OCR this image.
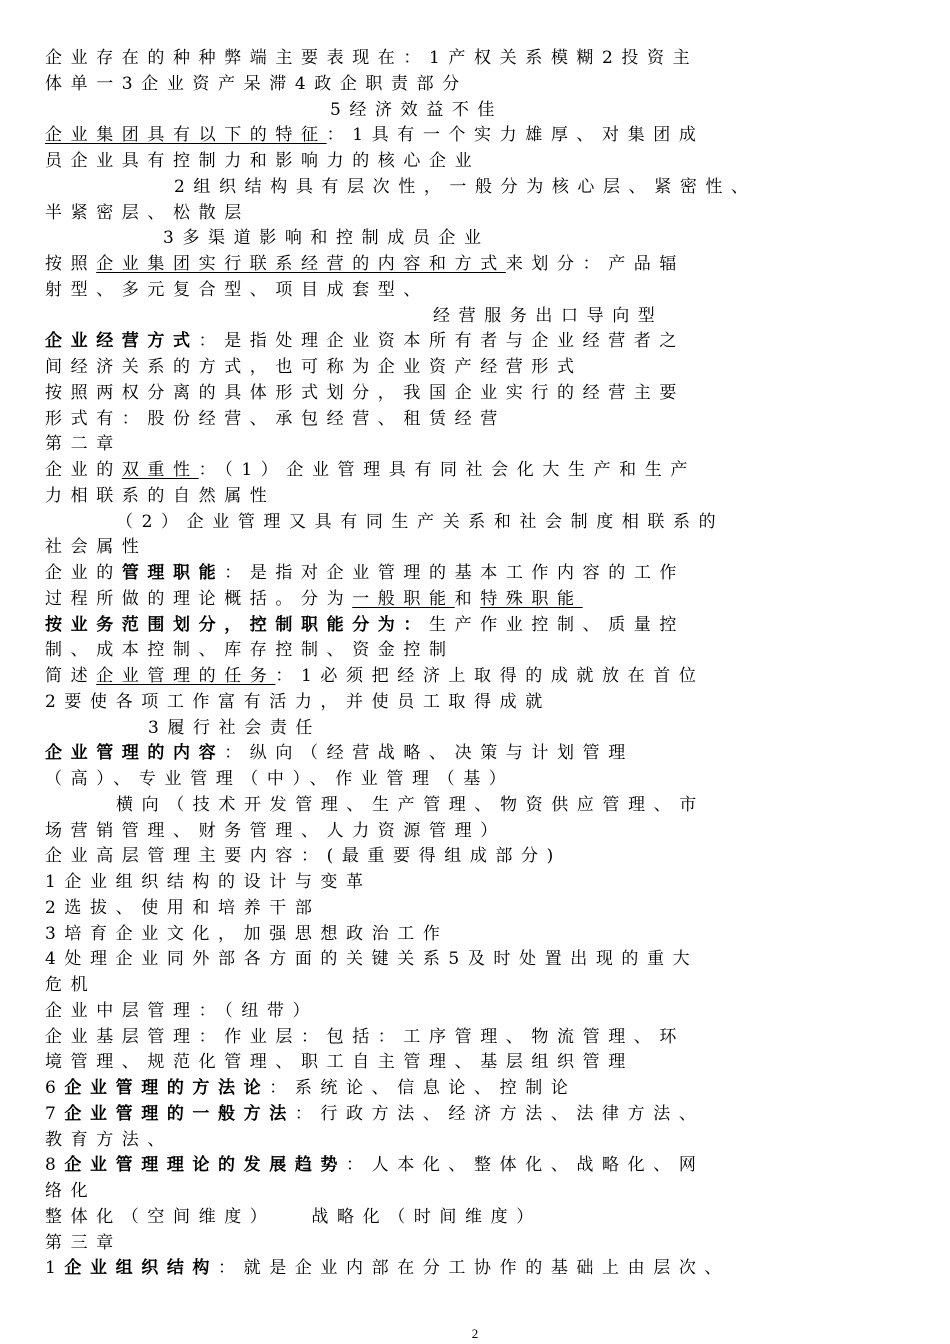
企业存在的种种弊端主要表现在：1产权关系模糊2投资主
体单一3企业资产呆滞4政企职责部分
5经济效益不佳
企业集团具有以下的特征：1具有一个实力雄厚、对集团成
员企业具有控制力和影响力的核心企业
2组织结构具有层次性，一般分为核心层、紧密性、
半紧密层、松散层
3多渠道影响和控制成员企业
按照企业集团实行联系经营的内容和方式来划分：产品辐
射型、多元复合型、项目成套型、
经营服务出口导向型
企业经营方式：是指处理企业资本所有者与企业经营者之
间经济关系的方式，也可称为企业资产经营形式
按照两权分离的具体形式划分，我国企业实行的经营主要
形式有：股份经营、承包经营、租赁经营
第二章
企业的双重性：（1）企业管理具有同社会化大生产和生产
力相联系的自然属性
（2）企业管理又具有同生产关系和社会制度相联系的
社会属性
企业的管理职能：是指对企业管理的基本工作内容的工作
过程所做的理论概括。分为一般职能和特殊职能
按业务范围划分，控制职能分为：生产作业控制、质量控
制、成本控制、库存控制、资金控制
简述企业管理的任务：1必须把经济上取得的成就放在首位
2要使各项工作富有活力，并使员工取得成就
3履行社会责任
企业管理的内容：纵向（经营战略、决策与计划管理
（高）、专业管理（中）、作业管理（基）
横向（技术开发管理、生产管理、物资供应管理、市
场营销管理、财务管理、人力资源管理）
企业高层管理主要内容：(最重要得组成部分)
1企业组织结构的设计与变革
2选拔、使用和培养干部
3培育企业文化，加强思想政治工作
4处理企业同外部各方面的关键关系5及时处置出现的重大
危机
企业中层管理：（纽带）
企业基层管理：作业层：包括：工序管理、物流管理、环
境管理、规范化管理、职工自主管理、基层组织管理
6企业管理的方法论：系统论、信息论、控制论
7企业管理的一般方法：行政方法、经济方法、法律方法、
教育方法、
8企业管理理论的发展趋势：人本化、整体化、战略化、网
络化
整体化（空间维度） 战略化（时间维度）
第三章
1企业组织结构：就是企业内部在分工协作的基础上由层次、
2
